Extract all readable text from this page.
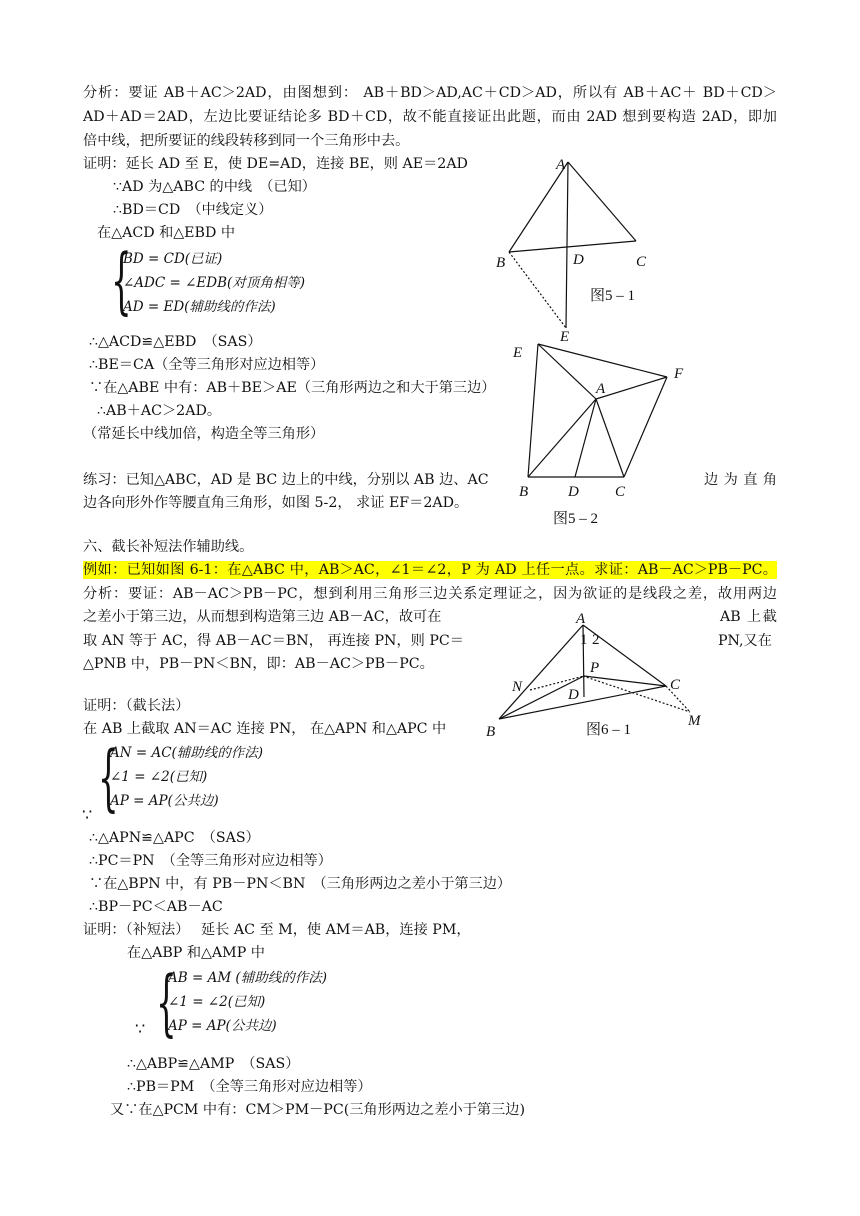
分析：要证 AB＋AC＞2AD，由图想到： AB＋BD＞AD,AC＋CD＞AD，所以有 AB＋AC＋ BD＋CD＞
AD＋AD＝2AD，左边比要证结论多 BD＋CD，故不能直接证出此题，而由 2AD 想到要构造 2AD，即加
倍中线，把所要证的线段转移到同一个三角形中去。
证明：延长 AD 至 E，使 DE=AD，连接 BE，则 AE＝2AD
∵AD 为△ABC 的中线　（已知）
∴BD＝CD　（中线定义）
在△ACD 和△EBD 中
{
BD = CD(已证)
∠ADC = ∠EDB(对顶角相等)
AD = ED(辅助线的作法)
∴△ACD≌△EBD　（SAS）
∴BE＝CA（全等三角形对应边相等）
∵在△ABE 中有：AB＋BE＞AE（三角形两边之和大于第三边）
∴AB＋AC＞2AD。
（常延长中线加倍，构造全等三角形）
练习：已知△ABC，AD 是 BC 边上的中线，分别以 AB 边、AC	边 为 直 角
边各向形外作等腰直角三角形，如图 5-2， 求证 EF＝2AD。
六、截长补短法作辅助线。
例如：已知如图 6-1：在△ABC 中，AB＞AC，∠1＝∠2，P 为 AD 上任一点。求证：AB－AC＞PB－PC。
分析：要证：AB－AC＞PB－PC，想到利用三角形三边关系定理证之，因为欲证的是线段之差，故用两边
之差小于第三边，从而想到构造第三边 AB－AC，故可在	AB 上截
取 AN 等于 AC，得 AB－AC＝BN， 再连接 PN，则 PC＝	PN,又在
△PNB 中，PB－PN＜BN，即：AB－AC＞PB－PC。
证明：（截长法）
在 AB 上截取 AN＝AC 连接 PN， 在△APN 和△APC 中
{
AN = AC(辅助线的作法)
∠1 = ∠2(已知)
AP = AP(公共边)
∵
∴△APN≌△APC　（SAS）
∴PC＝PN　（全等三角形对应边相等）
∵在△BPN 中，有 PB－PN＜BN　（三角形两边之差小于第三边）
∴BP－PC＜AB－AC
证明：（补短法）　 延长 AC 至 M，使 AM＝AB，连接 PM，
在△ABP 和△AMP 中
{
AB = AM (辅助线的作法)
∠1 = ∠2(已知)
AP = AP(公共边)
∵
∴△ABP≌△AMP　（SAS）
∴PB＝PM　（全等三角形对应边相等）
又∵在△PCM 中有：CM＞PM－PC(三角形两边之差小于第三边)
A
B	C
D
E
图5 – 1
E
F
A
B	D C
图5 – 2
A
1 2
P
N	D
C
M
B	图6 – 1
